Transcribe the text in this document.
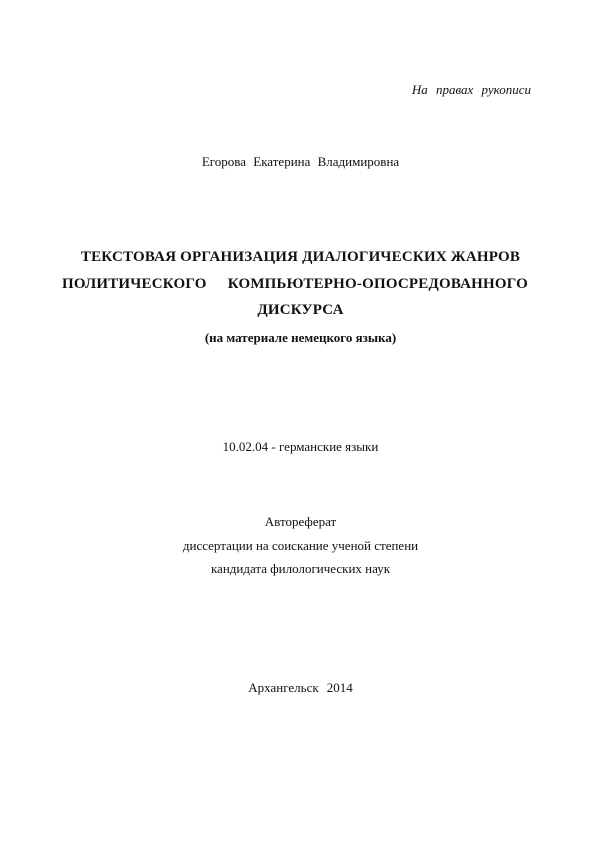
На правах рукописи
Егорова Екатерина Владимировна
ТЕКСТОВАЯ ОРГАНИЗАЦИЯ ДИАЛОГИЧЕСКИХ ЖАНРОВ
ПОЛИТИЧЕСКОГО КОМПЬЮТЕРНО-ОПОСРЕДОВАННОГО
ДИСКУРСА
(на материале немецкого языка)
10.02.04 - германские языки
Автореферат
диссертации на соискание ученой степени
кандидата филологических наук
Архангельск 2014
